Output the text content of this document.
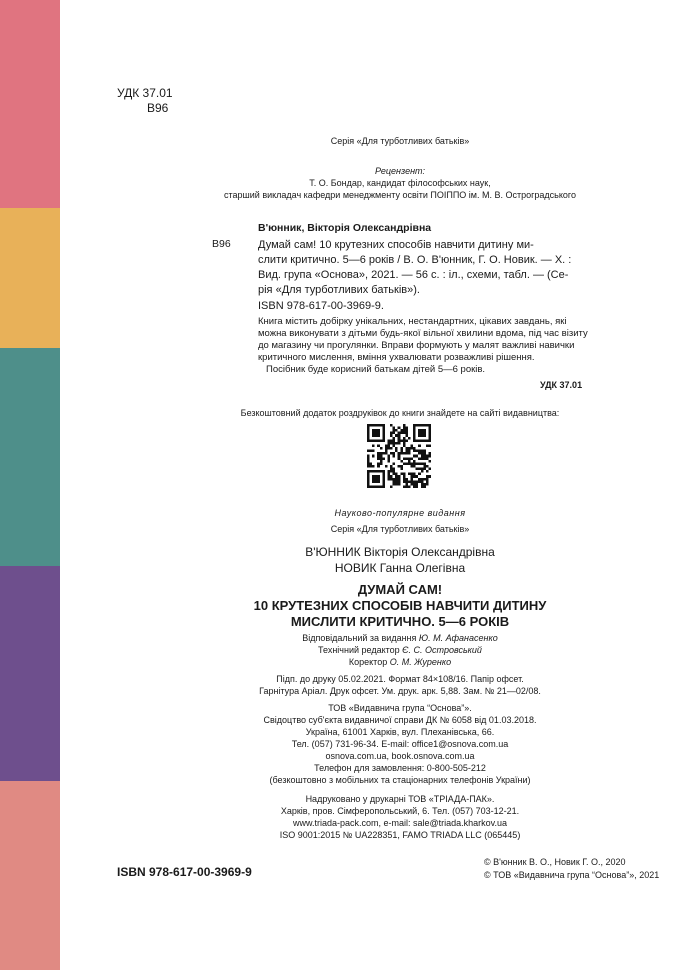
УДК 37.01
В96
Серія «Для турботливих батьків»
Рецензент:
Т. О. Бондар, кандидат філософських наук,
старший викладач кафедри менеджменту освіти ПОІППО ім. М. В. Остроградського
В'юнник, Вікторія Олександрівна
В96 Думай сам! 10 крутезних способів навчити дитину ми-
слити критично. 5—6 років / В. О. В'юнник, Г. О. Новик. — Х. :
Вид. група «Основа», 2021. — 56 с. : іл., схеми, табл. — (Се-
рія «Для турботливих батьків»).
ISBN 978-617-00-3969-9.
Книга містить добірку унікальних, нестандартних, цікавих завдань, які
можна виконувати з дітьми будь-якої вільної хвилини вдома, під час візиту
до магазину чи прогулянки. Вправи формують у малят важливі навички
критичного мислення, вміння ухвалювати розважливі рішення.
Посібник буде корисний батькам дітей 5—6 років.
УДК 37.01
Безкоштовний додаток роздруківок до книги знайдете на сайті видавництва:
Науково-популярне видання
Серія «Для турботливих батьків»
В'ЮННИК Вікторія Олександрівна
НОВИК Ганна Олегівна
ДУМАЙ САМ!
10 КРУТЕЗНИХ СПОСОБІВ НАВЧИТИ ДИТИНУ
МИСЛИТИ КРИТИЧНО. 5—6 РОКІВ
Відповідальний за видання Ю. М. Афанасенко
Технічний редактор Є. С. Островський
Коректор О. М. Журенко
Підп. до друку 05.02.2021. Формат 84×108/16. Папір офсет.
Гарнітура Аріал. Друк офсет. Ум. друк. арк. 5,88. Зам. № 21—02/08.
ТОВ «Видавнича група “Основа”».
Свідоцтво суб'єкта видавничої справи ДК № 6058 від 01.03.2018.
Україна, 61001 Харків, вул. Плеханівська, 66.
Тел. (057) 731-96-34. E-mail: office1@osnova.com.ua
osnova.com.ua, book.osnova.com.ua
Телефон для замовлення: 0-800-505-212
(безкоштовно з мобільних та стаціонарних телефонів України)
Надруковано у друкарні ТОВ «ТРІАДА-ПАК».
Харків, пров. Сімферопольський, 6. Тел. (057) 703-12-21.
www.triada-pack.com, e-mail: sale@triada.kharkov.ua
ISO 9001:2015 № UA228351, FAMO TRIADA LLC (065445)
ISBN 978-617-00-3969-9
© В'юнник В. О., Новик Г. О., 2020
© ТОВ «Видавнича група “Основа”», 2021
